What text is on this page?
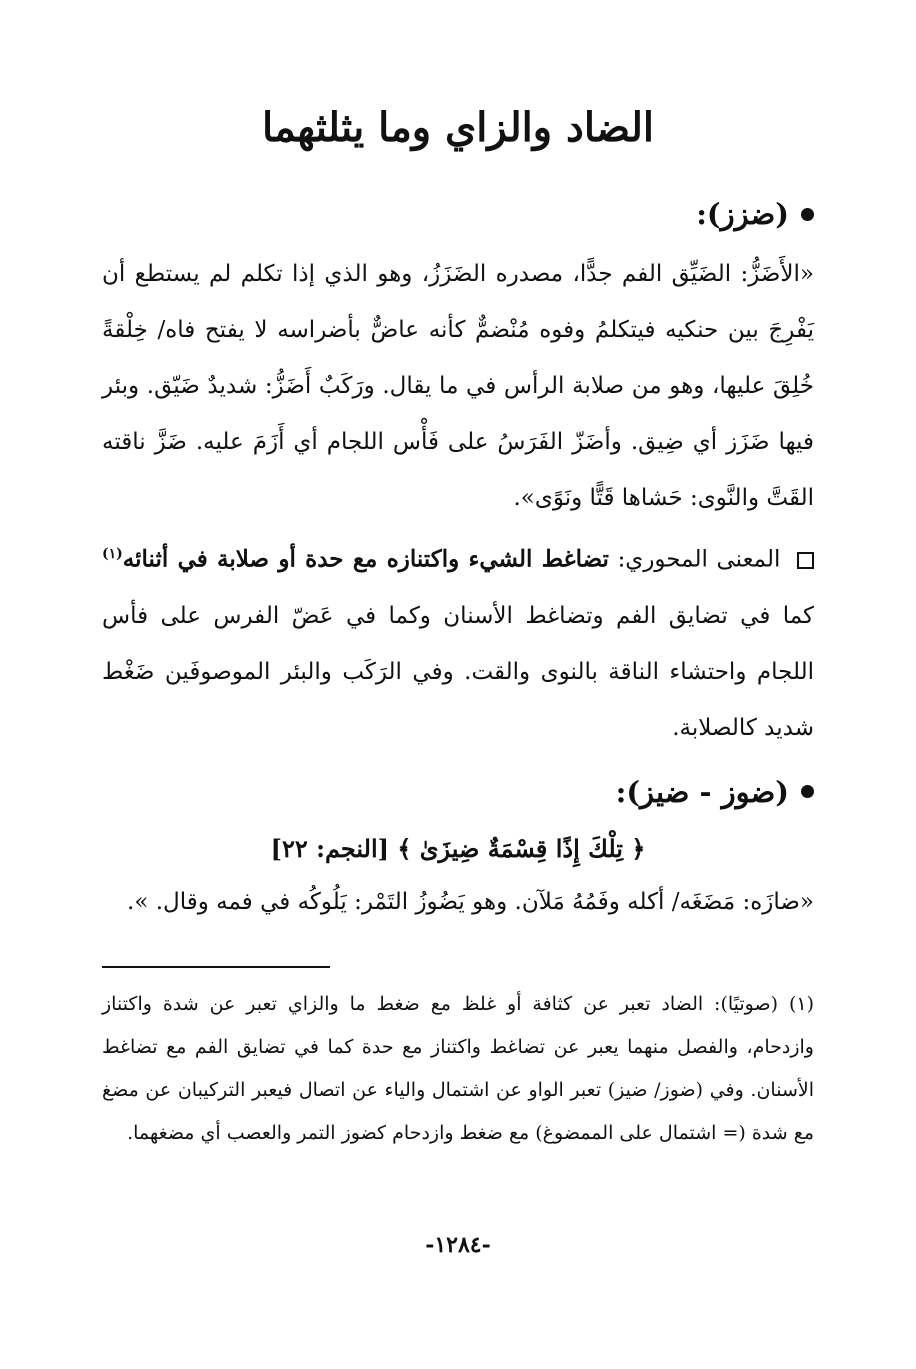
الضاد والزاي وما يثلثهما
(ضزز):

«الأَضَزُّ: الضَيِّق الفم جدًّا، مصدره الضَزَزُ، وهو الذي إذا تكلم لم يستطع أن يَفْرِجَ بين حنكيه فيتكلمُ وفوه مُنْضمٌّ كأنه عاضٌّ بأضراسه لا يفتح فاه/ خِلْقةً خُلِقَ عليها، وهو من صلابة الرأس في ما يقال. ورَكَبٌ أَضَزُّ: شديدٌ ضَيّق. وبئر فيها ضَزَز أي ضِيق. وأضَزّ الفَرَسُ على فَأْس اللجام أي أَزَمَ عليه. ضَزَّ ناقته القَتَّ والنَّوى: حَشاها قَتًّا ونَوًى».

المعنى المحوري: تضاغط الشيء واكتنازه مع حدة أو صلابة في أثنائه$^{(١)}$ كما في تضايق الفم وتضاغط الأسنان وكما في عَضّ الفرس على فأس اللجام واحتشاء الناقة بالنوى والقت. وفي الرَكَب والبئر الموصوفَين ضَغْط شديد كالصلابة.

(ضوز - ضيز):
﴿ تِلْكَ إِذًا قِسْمَةٌ ضِيزَىٰ ﴾ [النجم: ٢٢]

«ضازَه: مَضَغَه/ أكله وفَمُهُ مَلآن. وهو يَضُوزُ التَمْر: يَلُوكُه في فمه وقال. ».

(١) (صوتيًا): الضاد تعبر عن كثافة أو غلظ مع ضغط ما والزاي تعبر عن شدة واكتناز وازدحام، والفصل منهما يعبر عن تضاغط واكتناز مع حدة كما في تضايق الفم مع تضاغط الأسنان. وفي (ضوز/ ضيز) تعبر الواو عن اشتمال والياء عن اتصال فيعبر التركيبان عن مضغ مع شدة (= اشتمال على الممضوغ) مع ضغط وازدحام كضوز التمر والعصب أي مضغهما.
-١٢٨٤-
